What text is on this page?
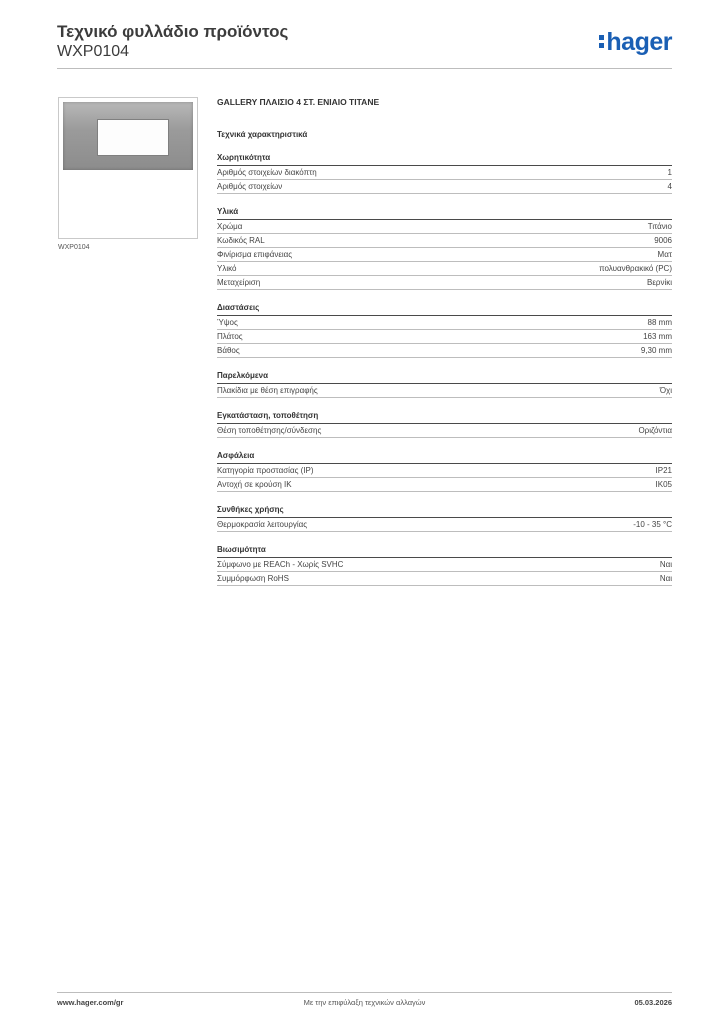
Τεχνικό φυλλάδιο προϊόντος
WXP0104	hager
WXP0104
GALLERY ΠΛΑΙΣΙΟ 4 ΣΤ. ΕΝΙΑΙΟ ΤΙΤΑΝΕ
Τεχνικά χαρακτηριστικά
Χωρητικότητα
Αριθμός στοιχείων διακόπτη	1
Αριθμός στοιχείων	4
Υλικά
Χρώμα	Τιτάνιο
Κωδικός RAL	9006
Φινίρισμα επιφάνειας	Ματ
Υλικό	πολυανθρακικό (PC)
Μεταχείριση	Βερνίκι
Διαστάσεις
Ύψος	88 mm
Πλάτος	163 mm
Βάθος	9,30 mm
Παρελκόμενα
Πλακίδια με θέση επιγραφής	Όχι
Εγκατάσταση, τοποθέτηση
Θέση τοποθέτησης/σύνδεσης	Οριζόντια
Ασφάλεια
Κατηγορία προστασίας (IP)	IP21
Αντοχή σε κρούση IK	IK05
Συνθήκες χρήσης
Θερμοκρασία λειτουργίας	-10 - 35 °C
Βιωσιμότητα
Σύμφωνο με REACh - Χωρίς SVHC	Ναι
Συμμόρφωση RoHS	Ναι
www.hager.com/gr	Με την επιφύλαξη τεχνικών αλλαγών	05.03.2026
